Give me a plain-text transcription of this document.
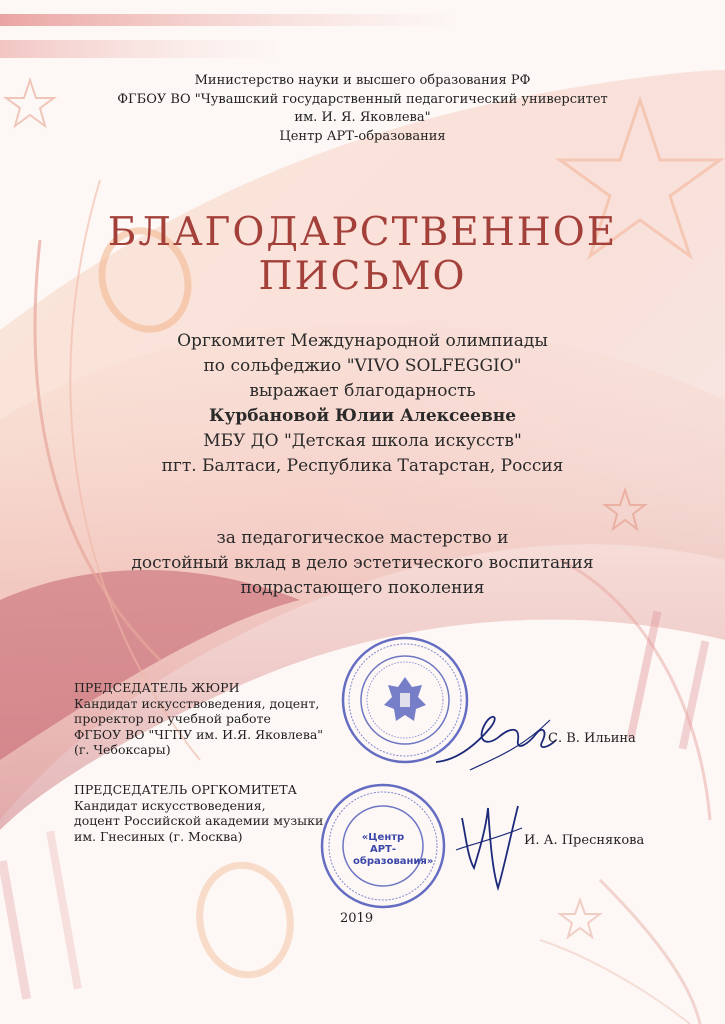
Министерство науки и высшего образования РФ
ФГБОУ ВО "Чувашский государственный педагогический университет
им. И. Я. Яковлева"
Центр АРТ-образования
БЛАГОДАРСТВЕННОЕ
ПИСЬМО
Оргкомитет Международной олимпиады
по сольфеджио "VIVO SOLFEGGIO"
выражает благодарность
Курбановой Юлии Алексеевне
МБУ ДО "Детская школа искусств"
пгт. Балтаси, Республика Татарстан, Россия
за педагогическое мастерство и
достойный вклад в дело эстетического воспитания
подрастающего поколения
ПРЕДСЕДАТЕЛЬ ЖЮРИ
Кандидат искусствоведения, доцент,
проректор по учебной работе
ФГБОУ ВО "ЧГПУ им. И.Я. Яковлева"
(г. Чебоксары)
С. В. Ильина
«Центр АРТ-образования»
ПРЕДСЕДАТЕЛЬ ОРГКОМИТЕТА
Кандидат искусствоведения,
доцент Российской академии музыки
им. Гнесиных (г. Москва)	И. А. Преснякова
2019
